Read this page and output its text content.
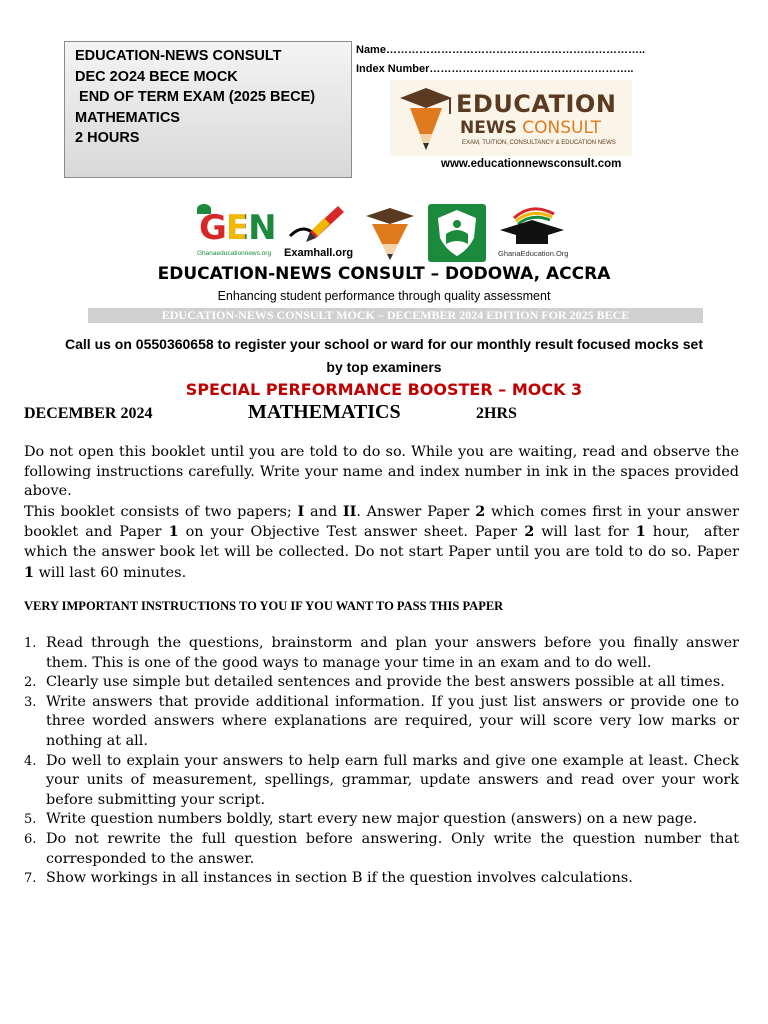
EDUCATION-NEWS CONSULT
DEC 2O24 BECE MOCK
END OF TERM EXAM (2025 BECE)
MATHEMATICS
2 HOURS
Name……………………………………………………………..
Index Number………………………………………………..
EDUCATION
NEWS CONSULT
EXAM, TUITION, CONSULTANCY & EDUCATION NEWS
www.educationnewsconsult.com
GEN
Ghanaeducationnews.org Examhall.org	GhanaEducation.Org
EDUCATION-NEWS CONSULT – DODOWA, ACCRA
Enhancing student performance through quality assessment
EDUCATION-NEWS CONSULT MOCK – DECEMBER 2024 EDITION FOR 2025 BECE
Call us on 0550360658 to register your school or ward for our monthly result focused mocks set
by top examiners
SPECIAL PERFORMANCE BOOSTER – MOCK 3
DECEMBER 2024	MATHEMATICS	2HRS

Do not open this booklet until you are told to do so. While you are waiting, read and observe the following instructions carefully. Write your name and index number in ink in the spaces provided above.

This booklet consists of two papers; I and II. Answer Paper 2 which comes first in your answer booklet and Paper 1 on your Objective Test answer sheet. Paper 2 will last for 1 hour,  after which the answer book let will be collected. Do not start Paper until you are told to do so. Paper 1 will last 60 minutes.

VERY IMPORTANT INSTRUCTIONS TO YOU IF YOU WANT TO PASS THIS PAPER
1. Read through the questions, brainstorm and plan your answers before you finally answer them. This is one of the good ways to manage your time in an exam and to do well.
2. Clearly use simple but detailed sentences and provide the best answers possible at all times.
3. Write answers that provide additional information. If you just list answers or provide one to three worded answers where explanations are required, your will score very low marks or nothing at all.
4. Do well to explain your answers to help earn full marks and give one example at least. Check your units of measurement, spellings, grammar, update answers and read over your work before submitting your script.
5. Write question numbers boldly, start every new major question (answers) on a new page.
6. Do not rewrite the full question before answering. Only write the question number that corresponded to the answer.
7. Show workings in all instances in section B if the question involves calculations.
